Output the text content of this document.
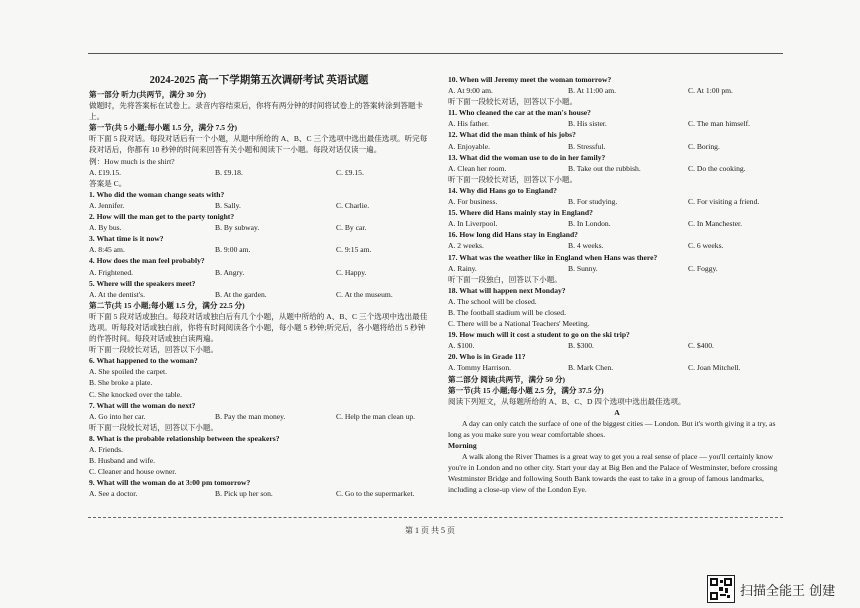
2024-2025 高一下学期第五次调研考试 英语试题
第一部分 听力(共两节，满分 30 分)
做题时，先将答案标在试卷上。录音内容结束后，你将有两分钟的时间将试卷上的答案转涂到答题卡上。
第一节(共 5 小题;每小题 1.5 分，满分 7.5 分)
听下面 5 段对话。每段对话后有一个小题，从题中所给的 A、B、C 三个选项中选出最佳选项。听完每段对话后，你都有 10 秒钟的时间来回答有关小题和阅读下一小题。每段对话仅读一遍。
例：How much is the shirt?
A. £19.15.	B. £9.18.	C. £9.15.
答案是 C。
1. Who did the woman change seats with?
A. Jennifer.	B. Sally.	C. Charlie.
2. How will the man get to the party tonight?
A. By bus.	B. By subway.	C. By car.
3. What time is it now?
A. 8:45 am.	B. 9:00 am.	C. 9:15 am.
4. How does the man feel probably?
A. Frightened.	B. Angry.	C. Happy.
5. Where will the speakers meet?
A. At the dentist's.	B. At the garden.	C. At the museum.
第二节(共 15 小题;每小题 1.5 分，满分 22.5 分)
听下面 5 段对话或独白。每段对话或独白后有几个小题，从题中所给的 A、B、C 三个选项中选出最佳选项。听每段对话或独白前，你将有时间阅读各个小题，每小题 5 秒钟;听完后，各小题将给出 5 秒钟的作答时间。每段对话或独白读两遍。
听下面一段较长对话，回答以下小题。
6. What happened to the woman?
A. She spoiled the carpet.
B. She broke a plate.
C. She knocked over the table.
7. What will the woman do next?
A. Go into her car.	B. Pay the man money.	C. Help the man clean up.
听下面一段较长对话，回答以下小题。
8. What is the probable relationship between the speakers?
A. Friends.
B. Husband and wife.
C. Cleaner and house owner.
9. What will the woman do at 3:00 pm tomorrow?
A. See a doctor.	B. Pick up her son.	C. Go to the supermarket.
10. When will Jeremy meet the woman tomorrow?
A. At 9:00 am.	B. At 11:00 am.	C. At 1:00 pm.
听下面一段较长对话，回答以下小题。
11. Who cleaned the car at the man's house?
A. His father.	B. His sister.	C. The man himself.
12. What did the man think of his jobs?
A. Enjoyable.	B. Stressful.	C. Boring.
13. What did the woman use to do in her family?
A. Clean her room.	B. Take out the rubbish.	C. Do the cooking.
听下面一段较长对话，回答以下小题。
14. Why did Hans go to England?
A. For business.	B. For studying.	C. For visiting a friend.
15. Where did Hans mainly stay in England?
A. In Liverpool.	B. In London.	C. In Manchester.
16. How long did Hans stay in England?
A. 2 weeks.	B. 4 weeks.	C. 6 weeks.
17. What was the weather like in England when Hans was there?
A. Rainy.	B. Sunny.	C. Foggy.
听下面一段独白，回答以下小题。
18. What will happen next Monday?
A. The school will be closed.
B. The football stadium will be closed.
C. There will be a National Teachers' Meeting.
19. How much will it cost a student to go on the ski trip?
A. $100.	B. $300.	C. $400.
20. Who is in Grade 11?
A. Tommy Harrison.	B. Mark Chen.	C. Joan Mitchell.
第二部分 阅读(共两节，满分 50 分)
第一节(共 15 小题;每小题 2.5 分，满分 37.5 分)
阅读下列短文，从每题所给的 A、B、C、D 四个选项中选出最佳选项。
A
A day can only catch the surface of one of the biggest cities — London. But it's worth giving it a try, as long as you make sure you wear comfortable shoes.
Morning
A walk along the River Thames is a great way to get you a real sense of place — you'll certainly know you're in London and no other city. Start your day at Big Ben and the Palace of Westminster, before crossing Westminster Bridge and following South Bank towards the east to take in a group of famous landmarks, including a close-up view of the London Eye.
第 1 页 共 5 页
扫描全能王 创建
